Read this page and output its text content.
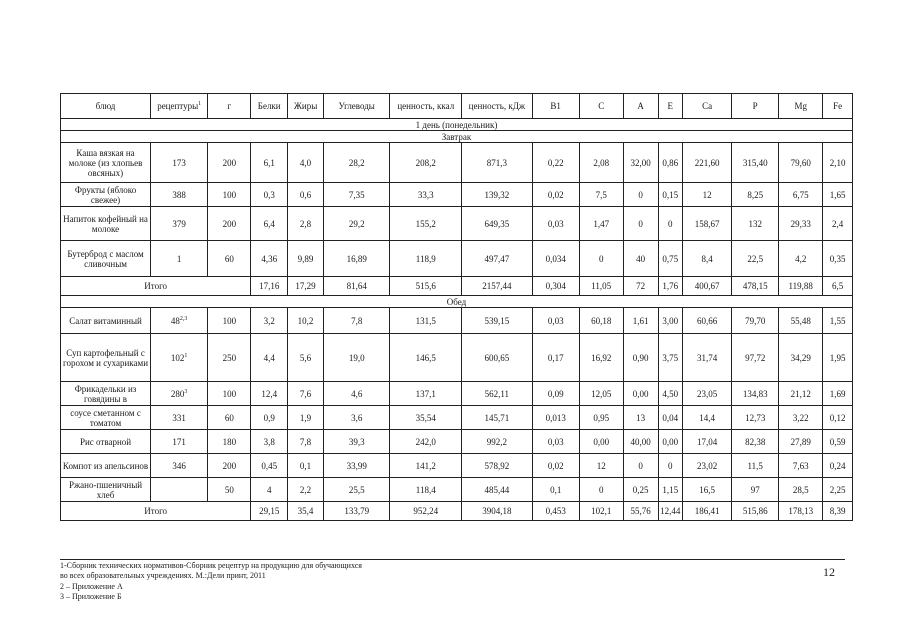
блюд	рецептуры$^1$	г	Белки	Жиры	Углеводы	ценность, ккал	ценность, кДж	B1	C	A	E	Ca	P	Mg	Fe
1 день (понедельник)															
Завтрак															
Каша вязкая на молоке (из хлопьев овсяных)	173	200	6,1	4,0	28,2	208,2	871,3	0,22	2,08	32,00	0,86	221,60	315,40	79,60	2,10
Фрукты (яблоко свежее)	388	100	0,3	0,6	7,35	33,3	139,32	0,02	7,5	0	0,15	12	8,25	6,75	1,65
Напиток кофейный на молоке	379	200	6,4	2,8	29,2	155,2	649,35	0,03	1,47	0	0	158,67	132	29,33	2,4
Бутерброд с маслом сливочным	1	60	4,36	9,89	16,89	118,9	497,47	0,034	0	40	0,75	8,4	22,5	4,2	0,35
Итого			17,16	17,29	81,64	515,6	2157,44	0,304	11,05	72	1,76	400,67	478,15	119,88	6,5
Обед															
Салат витаминный	48$^{2,3}$	100	3,2	10,2	7,8	131,5	539,15	0,03	60,18	1,61	3,00	60,66	79,70	55,48	1,55
Суп картофельный с горохом и сухариками	$102^1$	250	4,4	5,6	19,0	146,5	600,65	0,17	16,92	0,90	3,75	31,74	97,72	34,29	1,95
Фрикадельки из говядины в	$280^3$	100	12,4	7,6	4,6	137,1	562,11	0,09	12,05	0,00	4,50	23,05	134,83	21,12	1,69
соусе сметанном с томатом	331	60	0,9	1,9	3,6	35,54	145,71	0,013	0,95	13	0,04	14,4	12,73	3,22	0,12
Рис отварной	171	180	3,8	7,8	39,3	242,0	992,2	0,03	0,00	40,00	0,00	17,04	82,38	27,89	0,59
Компот из апельсинов	346	200	0,45	0,1	33,99	141,2	578,92	0,02	12	0	0	23,02	11,5	7,63	0,24
Ржано-пшеничный хлеб		50	4	2,2	25,5	118,4	485,44	0,1	0	0,25	1,15	16,5	97	28,5	2,25
Итого			29,15	35,4	133,79	952,24	3904,18	0,453	102,1	55,76	12,44	186,41	515,86	178,13	8,39
1-Сборник технических нормативов-Сборник рецептур на продукцию для обучающихся
во всех образовательных учреждениях. М.:Дели принт, 2011
2 – Приложение А
3 – Приложение Б
12
